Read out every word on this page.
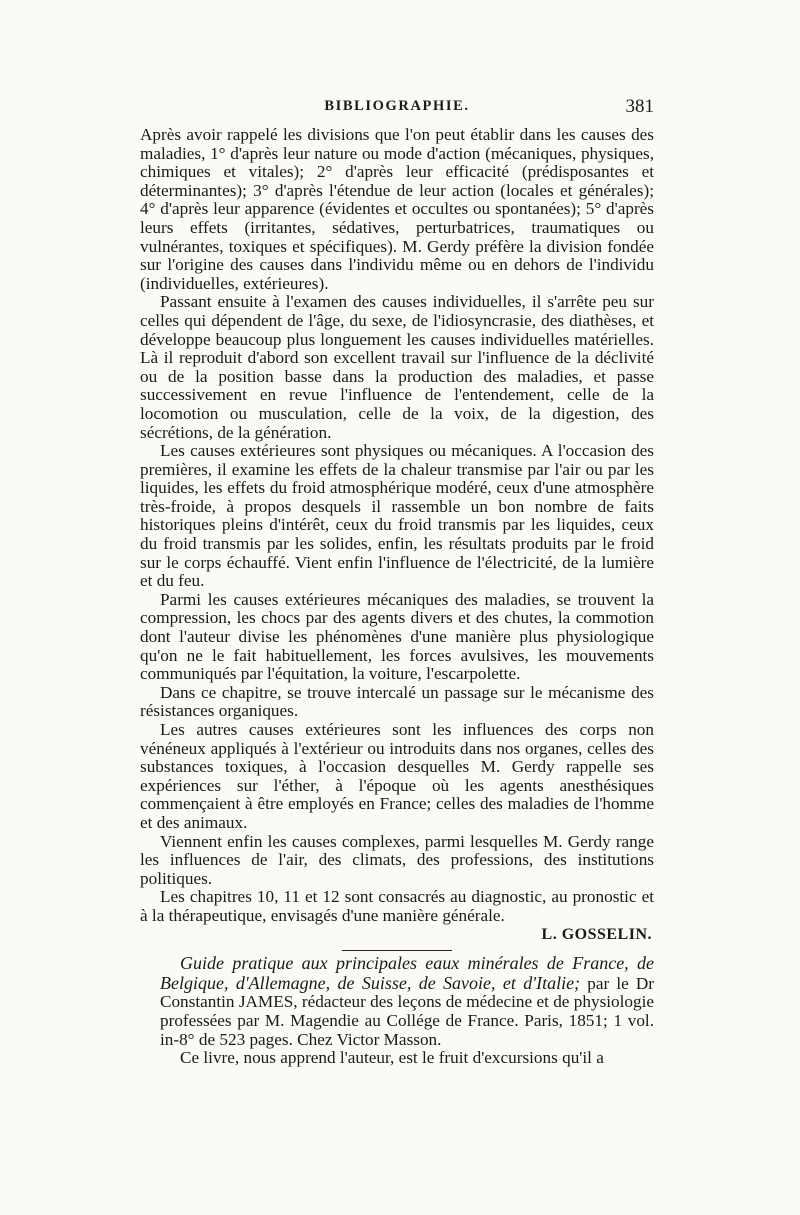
BIBLIOGRAPHIE.	381

Après avoir rappelé les divisions que l'on peut établir dans les causes des maladies, 1° d'après leur nature ou mode d'action (mécaniques, physiques, chimiques et vitales); 2° d'après leur efficacité (prédisposantes et déterminantes); 3° d'après l'étendue de leur action (locales et générales); 4° d'après leur apparence (évidentes et occultes ou spontanées); 5° d'après leurs effets (irritantes, sédatives, perturbatrices, traumatiques ou vulnérantes, toxiques et spécifiques). M. Gerdy préfère la division fondée sur l'origine des causes dans l'individu même ou en dehors de l'individu (individuelles, extérieures).

Passant ensuite à l'examen des causes individuelles, il s'arrête peu sur celles qui dépendent de l'âge, du sexe, de l'idiosyncrasie, des diathèses, et développe beaucoup plus longuement les causes individuelles matérielles. Là il reproduit d'abord son excellent travail sur l'influence de la déclivité ou de la position basse dans la production des maladies, et passe successivement en revue l'influence de l'entendement, celle de la locomotion ou musculation, celle de la voix, de la digestion, des sécrétions, de la génération.

Les causes extérieures sont physiques ou mécaniques. A l'occasion des premières, il examine les effets de la chaleur transmise par l'air ou par les liquides, les effets du froid atmosphérique modéré, ceux d'une atmosphère très-froide, à propos desquels il rassemble un bon nombre de faits historiques pleins d'intérêt, ceux du froid transmis par les liquides, ceux du froid transmis par les solides, enfin, les résultats produits par le froid sur le corps échauffé. Vient enfin l'influence de l'électricité, de la lumière et du feu.

Parmi les causes extérieures mécaniques des maladies, se trouvent la compression, les chocs par des agents divers et des chutes, la commotion dont l'auteur divise les phénomènes d'une manière plus physiologique qu'on ne le fait habituellement, les forces avulsives, les mouvements communiqués par l'équitation, la voiture, l'escarpolette.

Dans ce chapitre, se trouve intercalé un passage sur le mécanisme des résistances organiques.

Les autres causes extérieures sont les influences des corps non vénéneux appliqués à l'extérieur ou introduits dans nos organes, celles des substances toxiques, à l'occasion desquelles M. Gerdy rappelle ses expériences sur l'éther, à l'époque où les agents anesthésiques commençaient à être employés en France; celles des maladies de l'homme et des animaux.

Viennent enfin les causes complexes, parmi lesquelles M. Gerdy range les influences de l'air, des climats, des professions, des institutions politiques.

Les chapitres 10, 11 et 12 sont consacrés au diagnostic, au pronostic et à la thérapeutique, envisagés d'une manière générale.

L. GOSSELIN.

Guide pratique aux principales eaux minérales de France, de Belgique, d'Allemagne, de Suisse, de Savoie, et d'Italie; par le Dr Constantin JAMES, rédacteur des leçons de médecine et de physiologie professées par M. Magendie au Collége de France. Paris, 1851; 1 vol. in-8° de 523 pages. Chez Victor Masson.

Ce livre, nous apprend l'auteur, est le fruit d'excursions qu'il a
